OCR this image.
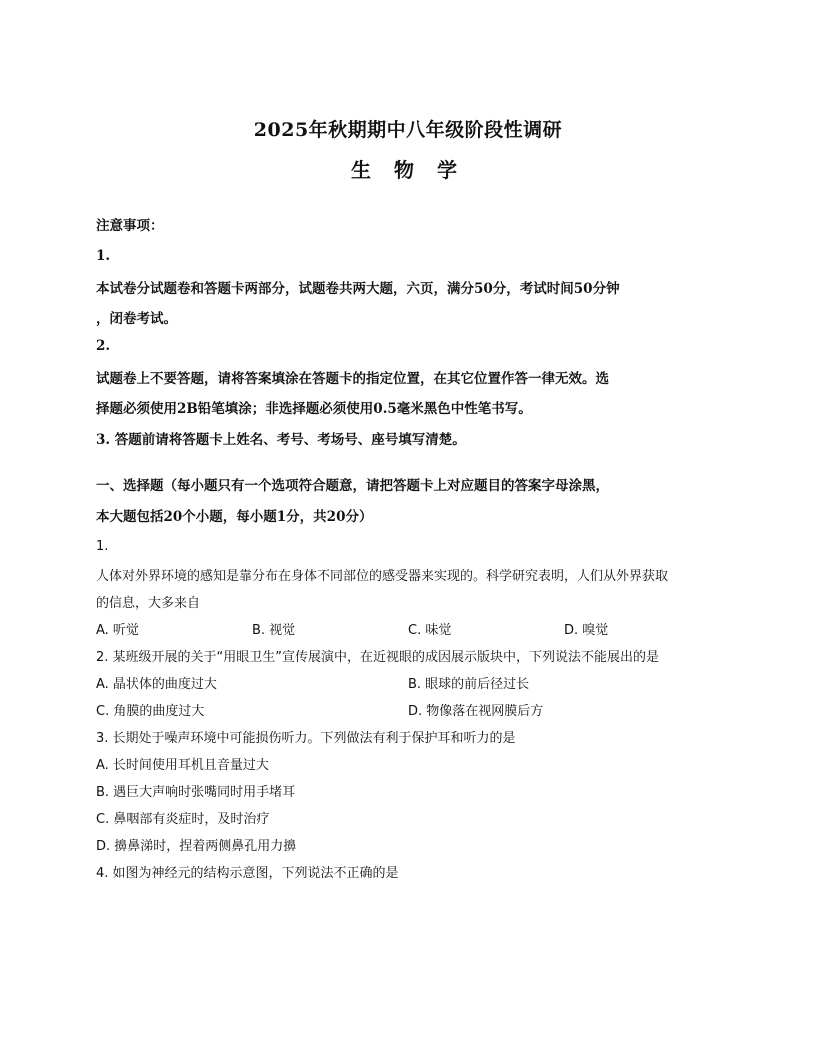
2025年秋期期中八年级阶段性调研
生 物 学
注意事项：
1.
本试卷分试题卷和答题卡两部分，试题卷共两大题，六页，满分50分，考试时间50分钟
，闭卷考试。
2.
试题卷上不要答题，请将答案填涂在答题卡的指定位置，在其它位置作答一律无效。选
择题必须使用2B铅笔填涂；非选择题必须使用0.5毫米黑色中性笔书写。
3. 答题前请将答题卡上姓名、考号、考场号、座号填写清楚。
一、选择题（每小题只有一个选项符合题意，请把答题卡上对应题目的答案字母涂黑，
本大题包括20个小题，每小题1分，共20分）
1.
人体对外界环境的感知是靠分布在身体不同部位的感受器来实现的。科学研究表明，人们从外界获取
的信息，大多来自
A. 听觉	B. 视觉	C. 味觉	D. 嗅觉
2. 某班级开展的关于“用眼卫生”宣传展演中，在近视眼的成因展示版块中，下列说法不能展出的是
A. 晶状体的曲度过大	B. 眼球的前后径过长
C. 角膜的曲度过大	D. 物像落在视网膜后方
3. 长期处于噪声环境中可能损伤听力。下列做法有利于保护耳和听力的是
A. 长时间使用耳机且音量过大
B. 遇巨大声响时张嘴同时用手堵耳
C. 鼻咽部有炎症时，及时治疗
D. 擤鼻涕时，捏着两侧鼻孔用力擤
4. 如图为神经元的结构示意图，下列说法不正确的是
